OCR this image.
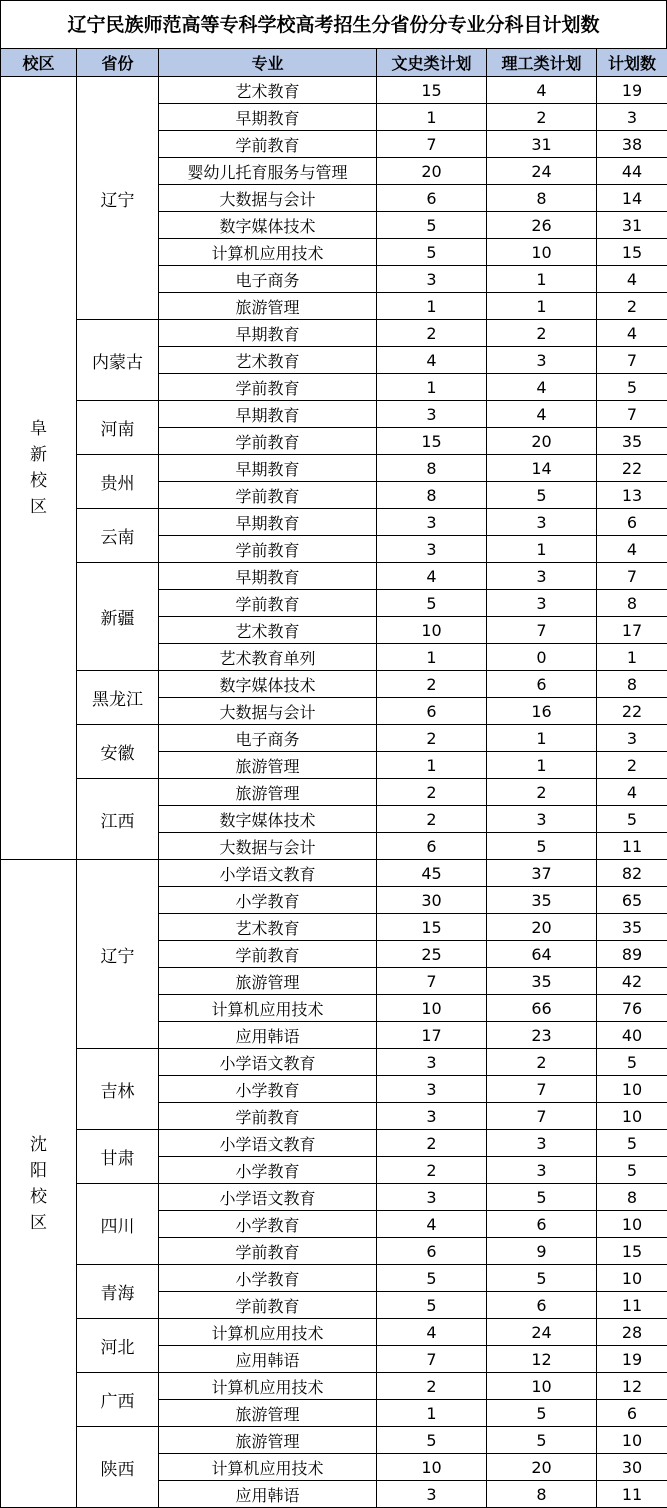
辽宁民族师范高等专科学校高考招生分省份分专业分科目计划数
校区	省份	专业	文史类计划	理工类计划	计划数
阜新校区	辽宁	艺术教育	15	4	19
		早期教育	1	2	3
		学前教育	7	31	38
		婴幼儿托育服务与管理	20	24	44
		大数据与会计	6	8	14
		数字媒体技术	5	26	31
		计算机应用技术	5	10	15
		电子商务	3	1	4
		旅游管理	1	1	2
	内蒙古	早期教育	2	2	4
		艺术教育	4	3	7
		学前教育	1	4	5
	河南	早期教育	3	4	7
		学前教育	15	20	35
	贵州	早期教育	8	14	22
		学前教育	8	5	13
	云南	早期教育	3	3	6
		学前教育	3	1	4
	新疆	早期教育	4	3	7
		学前教育	5	3	8
		艺术教育	10	7	17
		艺术教育单列	1	0	1
	黑龙江	数字媒体技术	2	6	8
		大数据与会计	6	16	22
	安徽	电子商务	2	1	3
		旅游管理	1	1	2
	江西	旅游管理	2	2	4
		数字媒体技术	2	3	5
		大数据与会计	6	5	11
沈阳校区	辽宁	小学语文教育	45	37	82
		小学教育	30	35	65
		艺术教育	15	20	35
		学前教育	25	64	89
		旅游管理	7	35	42
		计算机应用技术	10	66	76
		应用韩语	17	23	40
	吉林	小学语文教育	3	2	5
		小学教育	3	7	10
		学前教育	3	7	10
	甘肃	小学语文教育	2	3	5
		小学教育	2	3	5
	四川	小学语文教育	3	5	8
		小学教育	4	6	10
		学前教育	6	9	15
	青海	小学教育	5	5	10
		学前教育	5	6	11
	河北	计算机应用技术	4	24	28
		应用韩语	7	12	19
	广西	计算机应用技术	2	10	12
		旅游管理	1	5	6
	陕西	旅游管理	5	5	10
		计算机应用技术	10	20	30
		应用韩语	3	8	11
